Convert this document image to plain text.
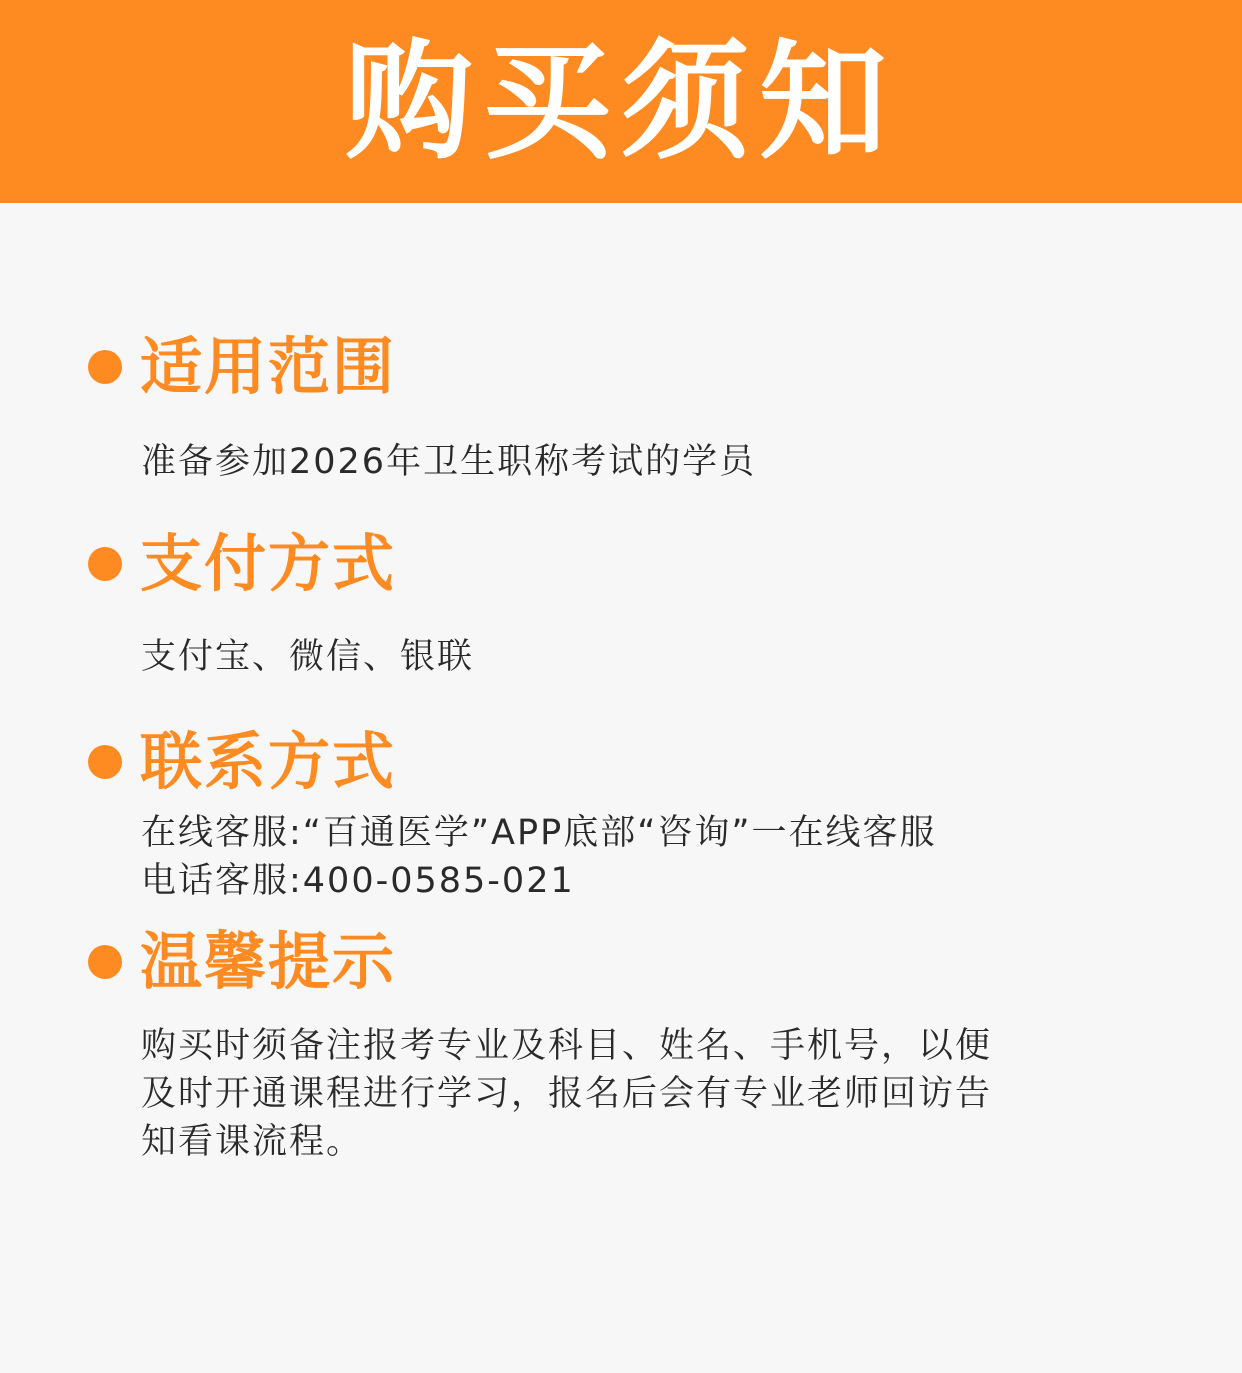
购买须知
适用范围
准备参加2026年卫生职称考试的学员
支付方式
支付宝、微信、银联
联系方式
在线客服:“百通医学”APP底部“咨询”一在线客服
电话客服:400-0585-021
温馨提示
购买时须备注报考专业及科目、姓名、手机号，以便
及时开通课程进行学习，报名后会有专业老师回访告
知看课流程。
